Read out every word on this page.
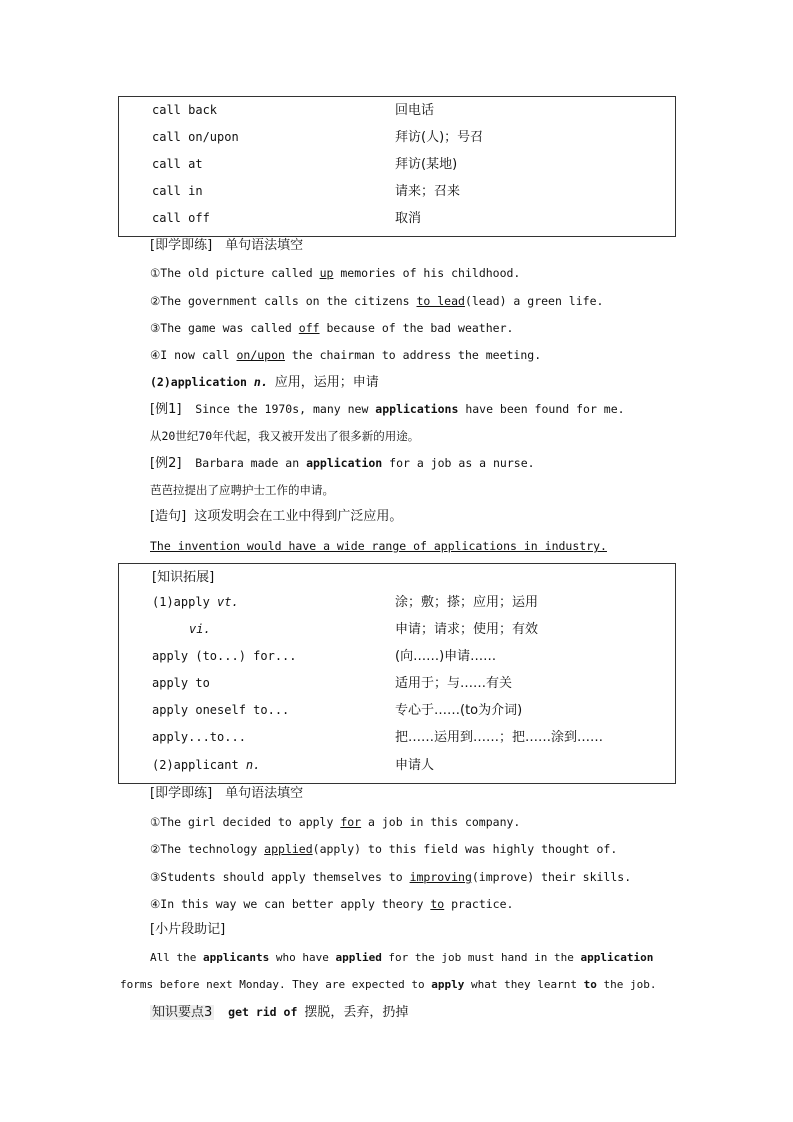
call back	回电话
call on/upon	拜访(人)；号召
call at	拜访(某地)
call in	请来；召来
call off	取消
[即学即练]　单句语法填空
①The old picture called up memories of his childhood.
②The government calls on the citizens to lead(lead) a green life.
③The game was called off because of the bad weather.
④I now call on/upon the chairman to address the meeting.
(2)application n. 应用，运用；申请
[例1] Since the 1970s, many new applications have been found for me.
从20世纪70年代起，我又被开发出了很多新的用途。
[例2] Barbara made an application for a job as a nurse.
芭芭拉提出了应聘护士工作的申请。
[造句] 这项发明会在工业中得到广泛应用。
The invention would have a wide range of applications in industry.
[知识拓展]
(1)apply vt.	涂；敷；搽；应用；运用
vi.	申请；请求；使用；有效
apply (to...) for...	(向……)申请……
apply to	适用于；与……有关
apply oneself to...	专心于……(to为介词)
apply...to...	把……运用到……；把……涂到……
(2)applicant n.	申请人
[即学即练]　单句语法填空
①The girl decided to apply for a job in this company.
②The technology applied(apply) to this field was highly thought of.
③Students should apply themselves to improving(improve) their skills.
④In this way we can better apply theory to practice.
[小片段助记]
All the applicants who have applied for the job must hand in the application
forms before next Monday. They are expected to apply what they learnt to the job.
知识要点3 get rid of 摆脱，丢弃，扔掉
